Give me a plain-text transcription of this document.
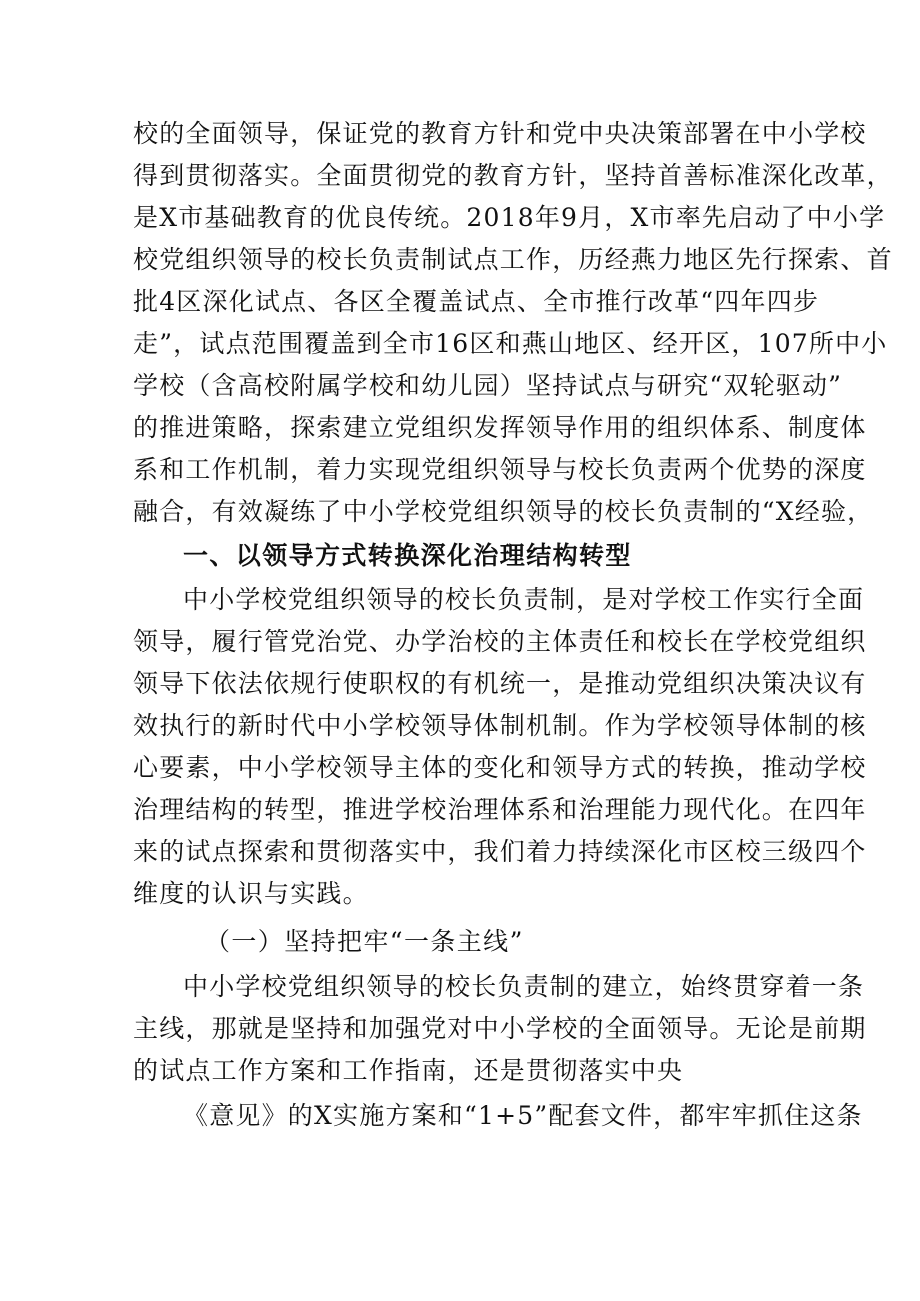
校的全面领导，保证党的教育方针和党中央决策部署在中小学校
得到贯彻落实。全面贯彻党的教育方针，坚持首善标准深化改革，
是X市基础教育的优良传统。2018年9月，X市率先启动了中小学
校党组织领导的校长负责制试点工作，历经燕力地区先行探索、首
批4区深化试点、各区全覆盖试点、全市推行改革“四年四步
走”，试点范围覆盖到全市16区和燕山地区、经开区，107所中小
学校（含高校附属学校和幼儿园）坚持试点与研究“双轮驱动”
的推进策略，探索建立党组织发挥领导作用的组织体系、制度体
系和工作机制，着力实现党组织领导与校长负责两个优势的深度
融合，有效凝练了中小学校党组织领导的校长负责制的“X经验，
一、以领导方式转换深化治理结构转型
中小学校党组织领导的校长负责制，是对学校工作实行全面
领导，履行管党治党、办学治校的主体责任和校长在学校党组织
领导下依法依规行使职权的有机统一，是推动党组织决策决议有
效执行的新时代中小学校领导体制机制。作为学校领导体制的核
心要素，中小学校领导主体的变化和领导方式的转换，推动学校
治理结构的转型，推进学校治理体系和治理能力现代化。在四年
来的试点探索和贯彻落实中，我们着力持续深化市区校三级四个
维度的认识与实践。
（一）坚持把牢“一条主线”
中小学校党组织领导的校长负责制的建立，始终贯穿着一条
主线，那就是坚持和加强党对中小学校的全面领导。无论是前期
的试点工作方案和工作指南，还是贯彻落实中央
《意见》的X实施方案和“1+5”配套文件，都牢牢抓住这条
